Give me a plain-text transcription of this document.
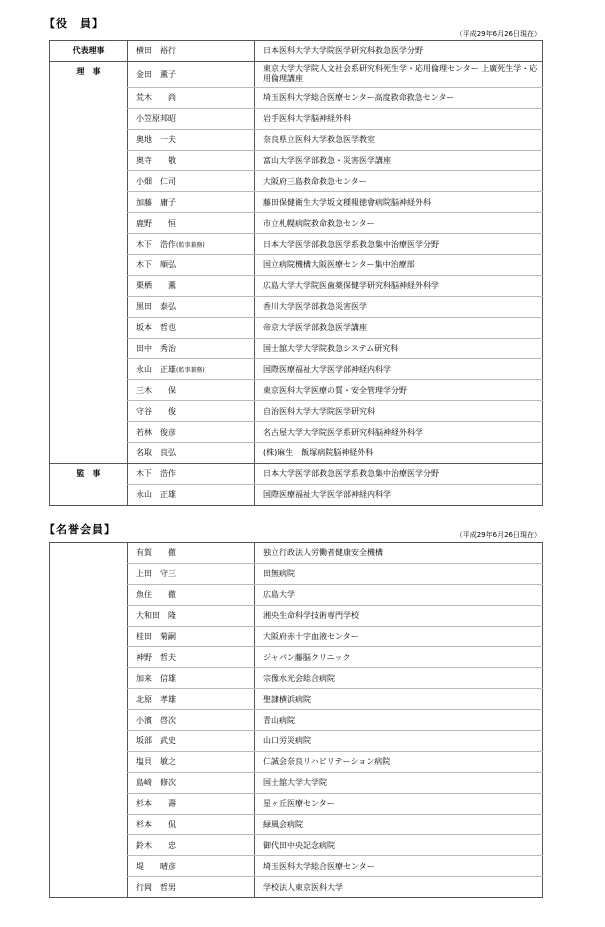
【役　員】
（平成29年6月26日現在）
代表理事	横田　裕行	日本医科大学大学院医学研究科救急医学分野

理　事	金田　薫子	東京大学大学院人文社会系研究科死生学・応用倫理センター 上廣死生学・応用倫理講座
	荒木　　尚	埼玉医科大学総合医療センター高度救命救急センター
	小笠原邦昭	岩手医科大学脳神経外科
	奥地　一夫	奈良県立医科大学救急医学教室
	奥寺　　敬	富山大学医学部救急・災害医学講座
	小畑　仁司	大阪府三島救命救急センター
	加藤　庸子	藤田保健衛生大学坂文種報徳會病院脳神経外科
	鹿野　　恒	市立札幌病院救命救急センター
	木下　浩作(監事兼務)	日本大学医学部救急医学系救急集中治療医学分野
	木下　順弘	国立病院機構大阪医療センター集中治療部
	栗栖　　薫	広島大学大学院医歯薬保健学研究科脳神経外科学
	黒田　泰弘	香川大学医学部救急災害医学
	坂本　哲也	帝京大学医学部救急医学講座
	田中　秀治	国士舘大学大学院救急システム研究科
	永山　正雄(監事兼務)	国際医療福祉大学医学部神経内科学
	三木　　保	東京医科大学医療の質・安全管理学分野
	守谷　　俊	自治医科大学大学院医学研究科
	若林　俊彦	名古屋大学大学院医学系研究科脳神経外科学
	名取　良弘	(株)麻生　飯塚病院脳神経外科

監　事	木下　浩作	日本大学医学部救急医学系救急集中治療医学分野
	永山　正雄	国際医療福祉大学医学部神経内科学
【名誉会員】	（平成29年6月26日現在）
	有賀　　徹	独立行政法人労働者健康安全機構
	上田　守三	田無病院
	魚住　　徹	広島大学
	大和田　隆	湘央生命科学技術専門学校
	桂田　菊嗣	大阪府赤十字血液センター
	神野　哲夫	ジャパン藤脳クリニック
	加来　信雄	宗像水光会総合病院
	北原　孝雄	聖隷横浜病院
	小濱　啓次	青山病院
	坂部　武史	山口労災病院
	塩貝　敏之	仁誠会奈良リハビリテーション病院
	島崎　修次	国士舘大学大学院
	杉本　　壽	星ヶ丘医療センター
	杉本　　侃	緑風会病院
	鈴木　　忠	御代田中央記念病院
	堤　　晴彦	埼玉医科大学総合医療センター
	行岡　哲男	学校法人東京医科大学
